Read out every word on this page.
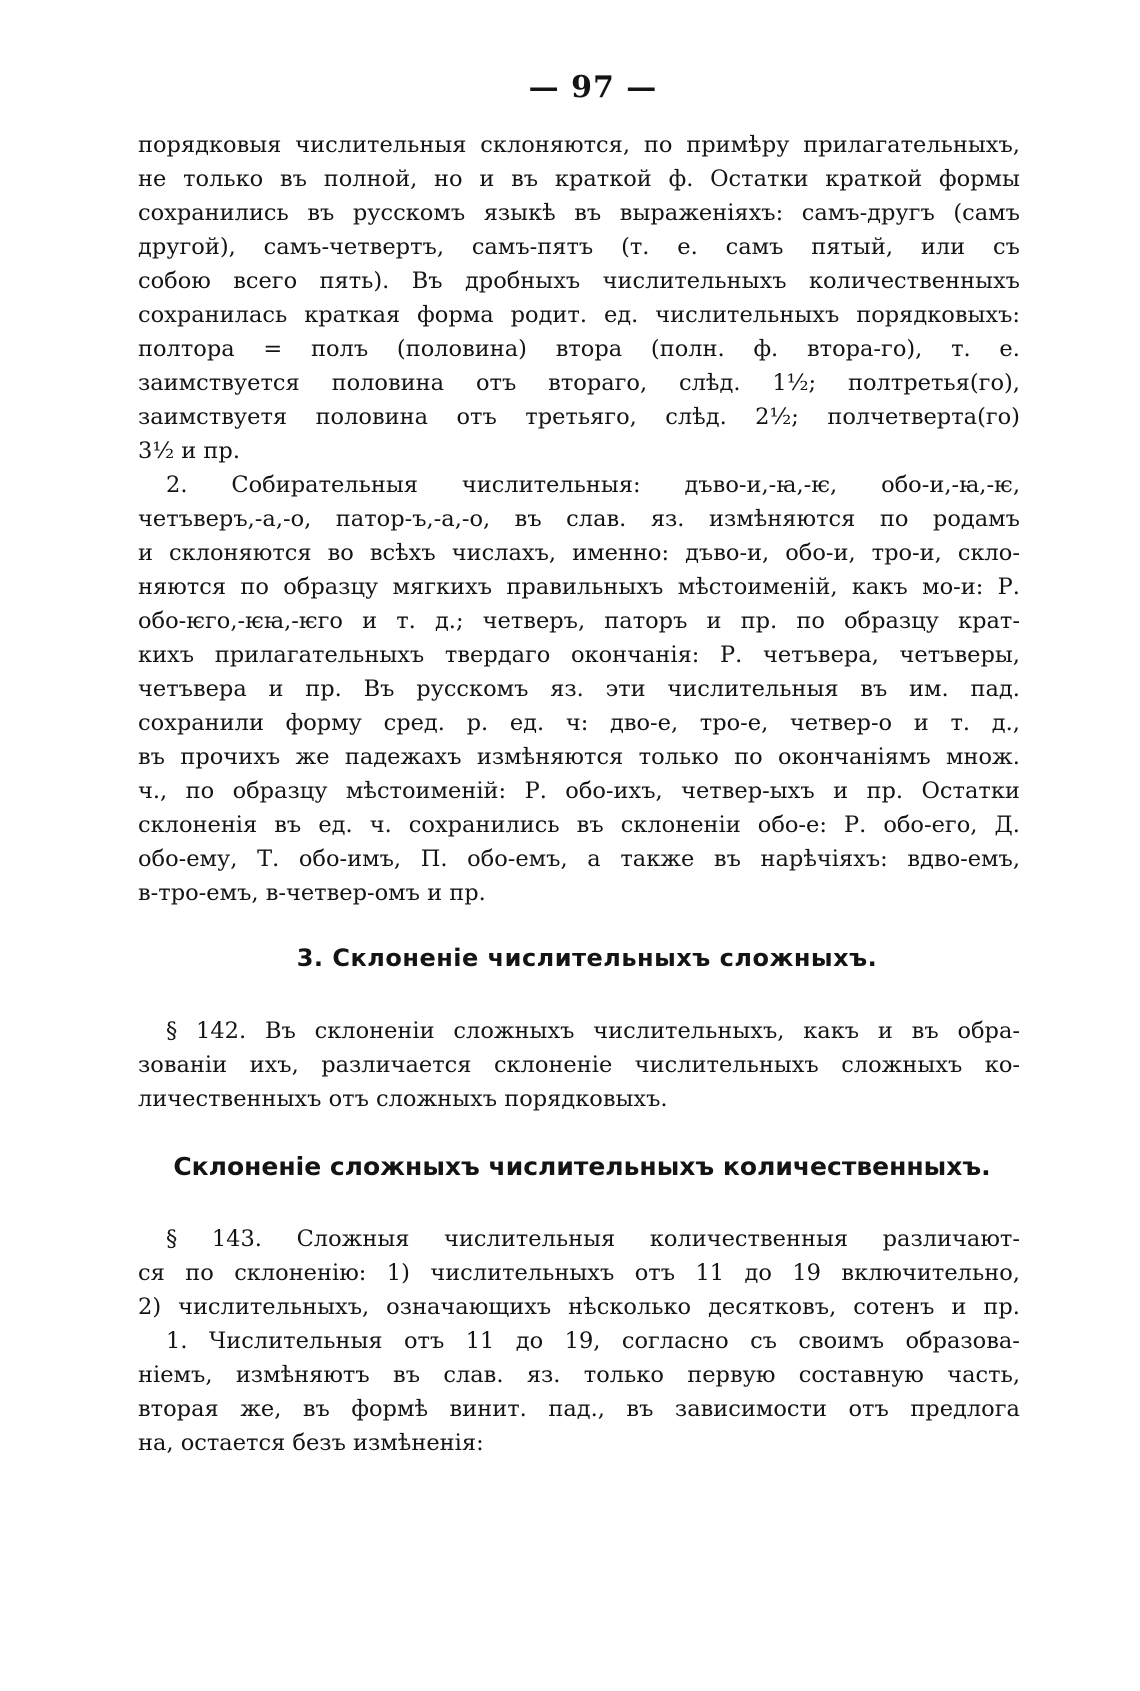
— 97 —
порядковыя числительныя склоняются, по примѣру прилагательныхъ,
не только въ полной, но и въ краткой ф. Остатки краткой формы
сохранились въ русскомъ языкѣ въ выраженіяхъ: самъ-другъ (самъ
другой), самъ-четвертъ, самъ-пятъ (т. е. самъ пятый, или съ
собою всего пять). Въ дробныхъ числительныхъ количественныхъ
сохранилась краткая форма родит. ед. числительныхъ порядковыхъ:
полтора = полъ (половина) втора (полн. ф. втора-го), т. е.
заимствуется половина отъ втораго, слѣд. 1½; полтретья(го),
заимствуетя половина отъ третьяго, слѣд. 2½; полчетверта(го)
3½ и пр.
2. Собирательныя числительныя: дъво-и,-ꙗ,-ѥ, обо-и,-ꙗ,-ѥ,
четъверъ,-а,-о, патор-ъ,-а,-о, въ слав. яз. измѣняются по родамъ
и склоняются во всѣхъ числахъ, именно: дъво-и, обо-и, тро-и, скло-
няются по образцу мягкихъ правильныхъ мѣстоименій, какъ мо-и: Р.
обо-ѥго,-ѥꙗ,-ѥго и т. д.; четверъ, паторъ и пр. по образцу крат-
кихъ прилагательныхъ твердаго окончанія: Р. четъвера, четъверы,
четъвера и пр. Въ русскомъ яз. эти числительныя въ им. пад.
сохранили форму сред. р. ед. ч: дво-е, тро-е, четвер-о и т. д.,
въ прочихъ же падежахъ измѣняются только по окончаніямъ множ.
ч., по образцу мѣстоименій: Р. обо-ихъ, четвер-ыхъ и пр. Остатки
склоненія въ ед. ч. сохранились въ склоненіи обо-е: Р. обо-его, Д.
обо-ему, Т. обо-имъ, П. обо-емъ, а также въ нарѣчіяхъ: вдво-емъ,
в-тро-емъ, в-четвер-омъ и пр.
3. Склоненіе числительныхъ сложныхъ.
§ 142. Въ склоненіи сложныхъ числительныхъ, какъ и въ обра-
зованіи ихъ, различается склоненіе числительныхъ сложныхъ ко-
личественныхъ отъ сложныхъ порядковыхъ.
Склоненіе сложныхъ числительныхъ количественныхъ.
§ 143. Сложныя числительныя количественныя различают-
ся по склоненію: 1) числительныхъ отъ 11 до 19 включительно,
2) числительныхъ, означающихъ нѣсколько десятковъ, сотенъ и пр.
1. Числительныя отъ 11 до 19, согласно съ своимъ образова-
ніемъ, измѣняютъ въ слав. яз. только первую составную часть,
вторая же, въ формѣ винит. пад., въ зависимости отъ предлога
на, остается безъ измѣненія:
